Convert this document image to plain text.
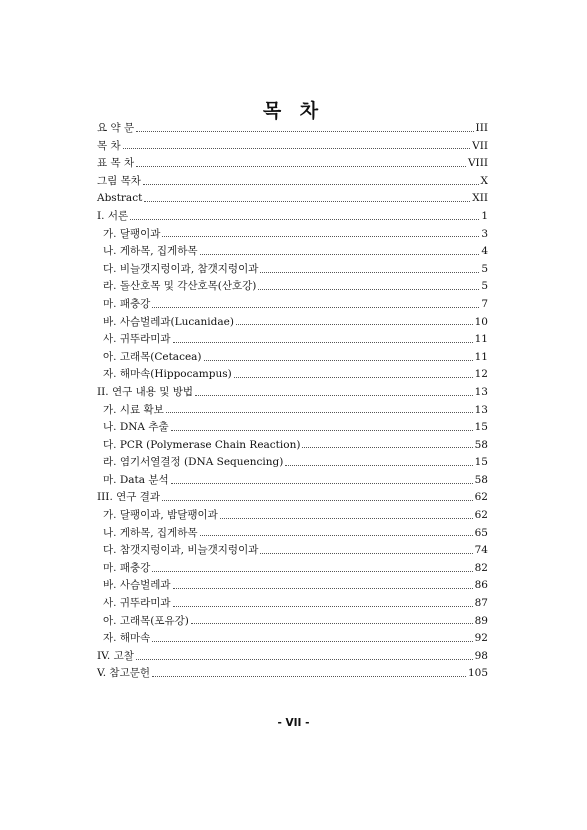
목 차
요 약 문	III
목 차	VII
표 목 차	VIII
그림 목차	X
Abstract	XII
I. 서론	1
가. 달팽이과	3
나. 게하목, 집게하목	4
다. 비늘갯지렁이과, 참갯지렁이과	5
라. 돌산호목 및 각산호목(산호강)	5
마. 패충강	7
바. 사슴벌레과(Lucanidae)	10
사. 귀뚜라미과	11
아. 고래목(Cetacea)	11
자. 해마속(Hippocampus)	12
II. 연구 내용 및 방법	13
가. 시료 확보	13
나. DNA 추출	15
다. PCR (Polymerase Chain Reaction)	58
라. 염기서열결정 (DNA Sequencing)	15
마. Data 분석	58
III. 연구 결과	62
가. 달팽이과, 밤달팽이과	62
나. 게하목, 집게하목	65
다. 참갯지렁이과, 비늘갯지렁이과	74
마. 패충강	82
바. 사슴벌레과	86
사. 귀뚜라미과	87
아. 고래목(포유강)	89
자. 해마속	92
IV. 고찰	98
V. 참고문헌	105
- VII -
